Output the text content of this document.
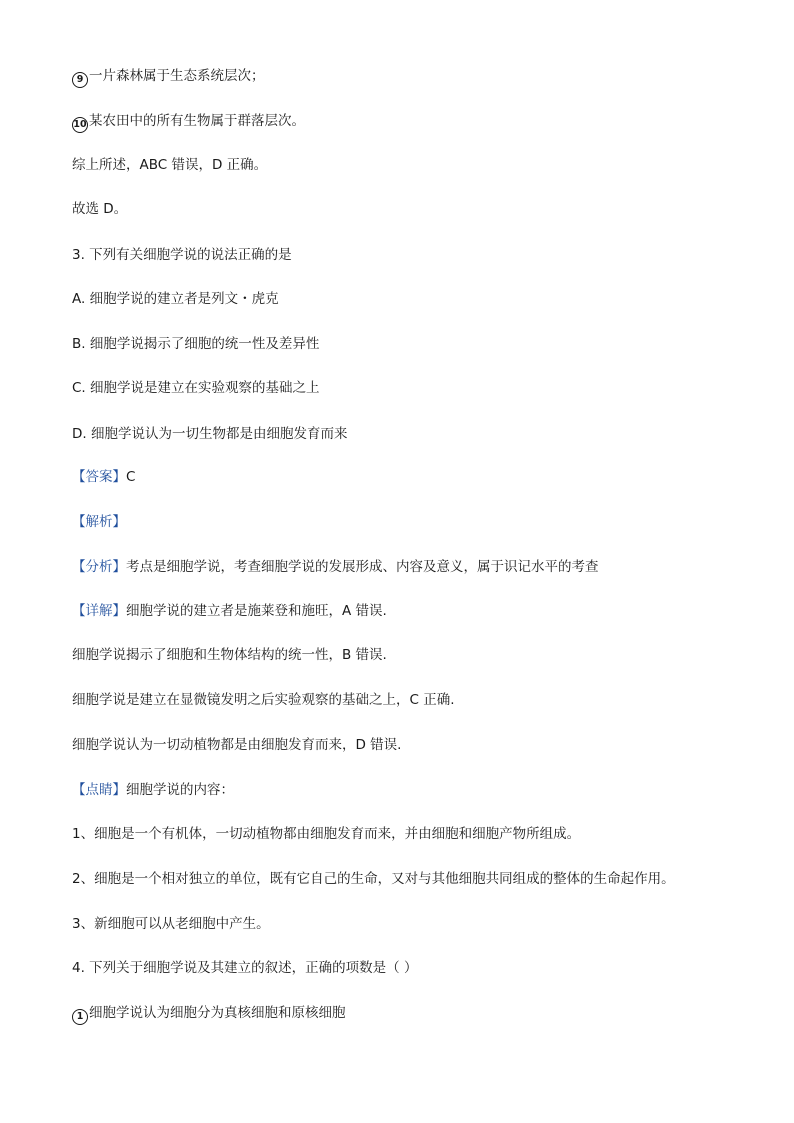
9 一片森林属于生态系统层次；
10 某农田中的所有生物属于群落层次。
综上所述，ABC 错误，D 正确。
故选 D。
3. 下列有关细胞学说的说法正确的是
A. 细胞学说的建立者是列文・虎克
B. 细胞学说揭示了细胞的统一性及差异性
C. 细胞学说是建立在实验观察的基础之上
D. 细胞学说认为一切生物都是由细胞发育而来
【答案】C
【解析】
【分析】考点是细胞学说，考查细胞学说的发展形成、内容及意义，属于识记水平的考查
【详解】细胞学说的建立者是施莱登和施旺，A 错误.
细胞学说揭示了细胞和生物体结构的统一性，B 错误.
细胞学说是建立在显微镜发明之后实验观察的基础之上，C 正确.
细胞学说认为一切动植物都是由细胞发育而来，D 错误.
【点睛】细胞学说的内容：
1、细胞是一个有机体，一切动植物都由细胞发育而来，并由细胞和细胞产物所组成。
2、细胞是一个相对独立的单位，既有它自己的生命，又对与其他细胞共同组成的整体的生命起作用。
3、新细胞可以从老细胞中产生。
4. 下列关于细胞学说及其建立的叙述，正确的项数是（ ）
1 细胞学说认为细胞分为真核细胞和原核细胞
